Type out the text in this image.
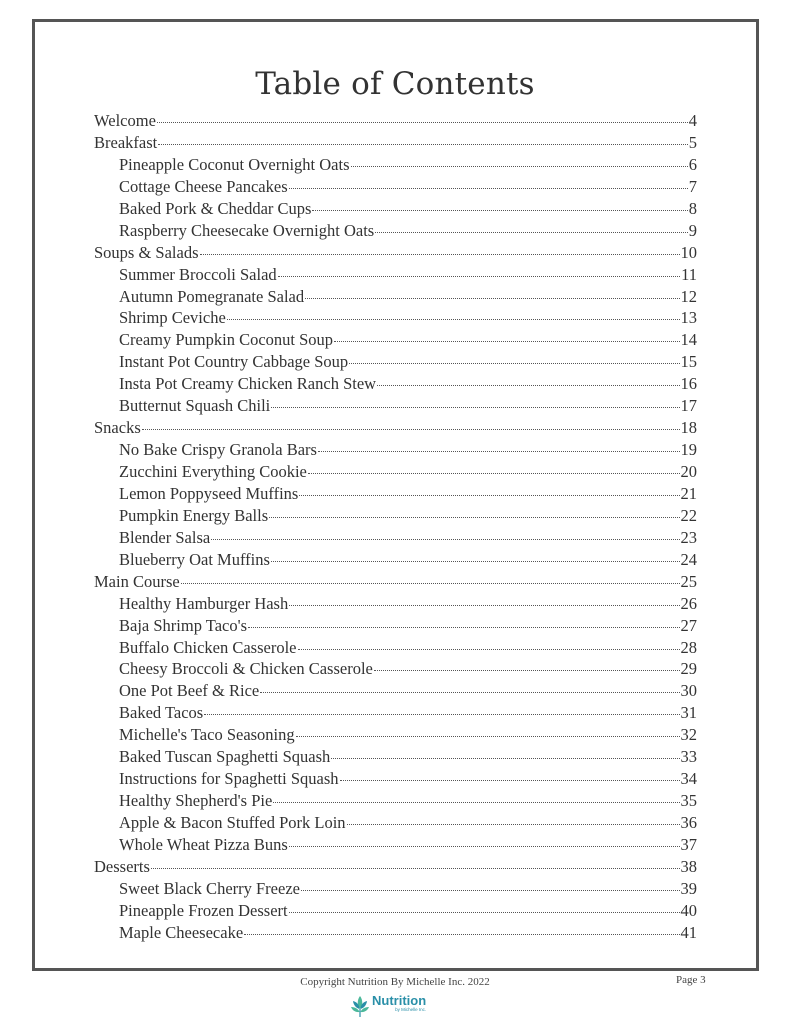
Table of Contents
Welcome	4
Breakfast	5
Pineapple Coconut Overnight Oats	6
Cottage Cheese Pancakes	7
Baked Pork & Cheddar Cups	8
Raspberry Cheesecake Overnight Oats	9
Soups & Salads	10
Summer Broccoli Salad	11
Autumn Pomegranate Salad	12
Shrimp Ceviche	13
Creamy Pumpkin Coconut Soup	14
Instant Pot Country Cabbage Soup	15
Insta Pot Creamy Chicken Ranch Stew	16
Butternut Squash Chili	17
Snacks	18
No Bake Crispy Granola Bars	19
Zucchini Everything Cookie	20
Lemon Poppyseed Muffins	21
Pumpkin Energy Balls	22
Blender Salsa	23
Blueberry Oat Muffins	24
Main Course	25
Healthy Hamburger Hash	26
Baja Shrimp Taco's	27
Buffalo Chicken Casserole	28
Cheesy Broccoli & Chicken Casserole	29
One Pot Beef & Rice	30
Baked Tacos	31
Michelle's Taco Seasoning	32
Baked Tuscan Spaghetti Squash	33
Instructions for Spaghetti Squash	34
Healthy Shepherd's Pie	35
Apple & Bacon Stuffed Pork Loin	36
Whole Wheat Pizza Buns	37
Desserts	38
Sweet Black Cherry Freeze	39
Pineapple Frozen Dessert	40
Maple Cheesecake	41
Copyright Nutrition By Michelle Inc. 2022	Page 3
Nutrition
by Michelle Inc.
